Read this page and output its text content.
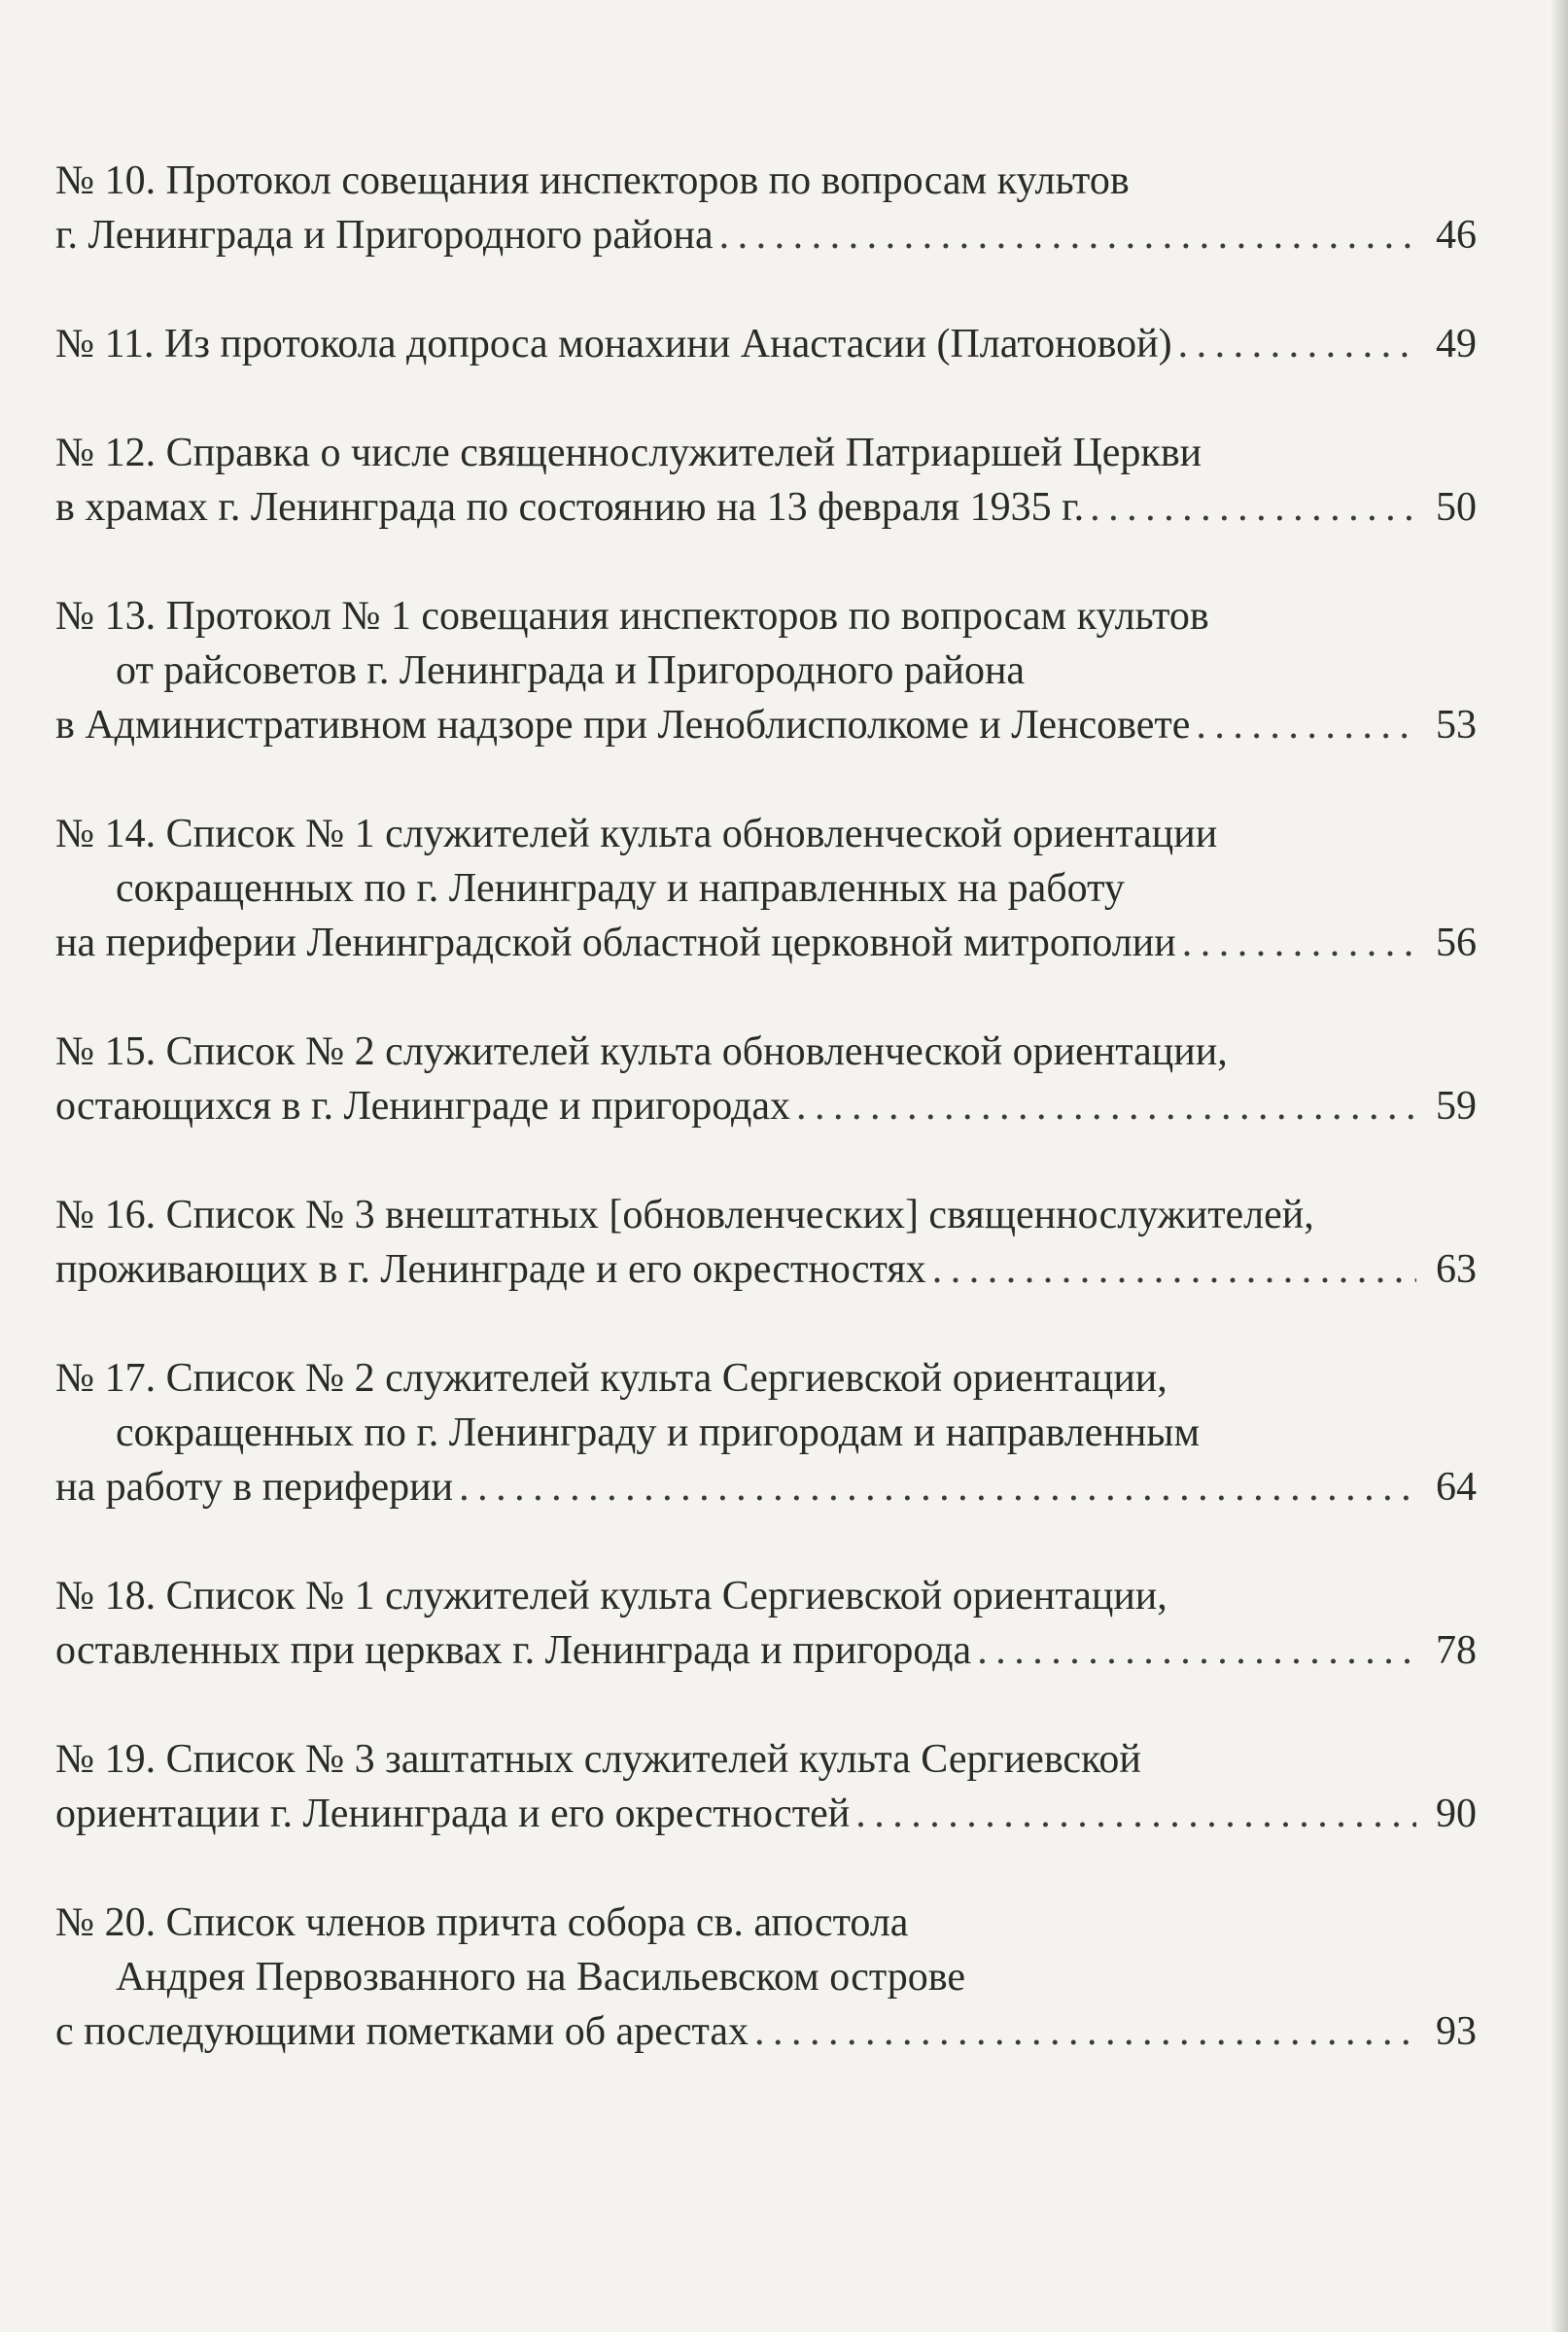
№ 10. Протокол совещания инспекторов по вопросам культов
г. Ленинграда и Пригородного района . . .	46
№ 11. Из протокола допроса монахини Анастасии (Платоновой) . . .	49
№ 12. Справка о числе священнослужителей Патриаршей Церкви
в храмах г. Ленинграда по состоянию на 13 февраля 1935 г. . . .	50
№ 13. Протокол № 1 совещания инспекторов по вопросам культов
от райсоветов г. Ленинграда и Пригородного района
в Административном надзоре при Леноблисполкоме и Ленсовете . . .	53
№ 14. Список № 1 служителей культа обновленческой ориентации
сокращенных по г. Ленинграду и направленных на работу
на периферии Ленинградской областной церковной митрополии . . .	56
№ 15. Список № 2 служителей культа обновленческой ориентации,
остающихся в г. Ленинграде и пригородах . . .	59
№ 16. Список № 3 внештатных [обновленческих] священнослужителей,
проживающих в г. Ленинграде и его окрестностях . . .	63
№ 17. Список № 2 служителей культа Сергиевской ориентации,
сокращенных по г. Ленинграду и пригородам и направленным
на работу в периферии . . .	64
№ 18. Список № 1 служителей культа Сергиевской ориентации,
оставленных при церквах г. Ленинграда и пригорода . . .	78
№ 19. Список № 3 заштатных служителей культа Сергиевской
ориентации г. Ленинграда и его окрестностей . . .	90
№ 20. Список членов причта собора св. апостола
Андрея Первозванного на Васильевском острове
с последующими пометками об арестах . . .	93
